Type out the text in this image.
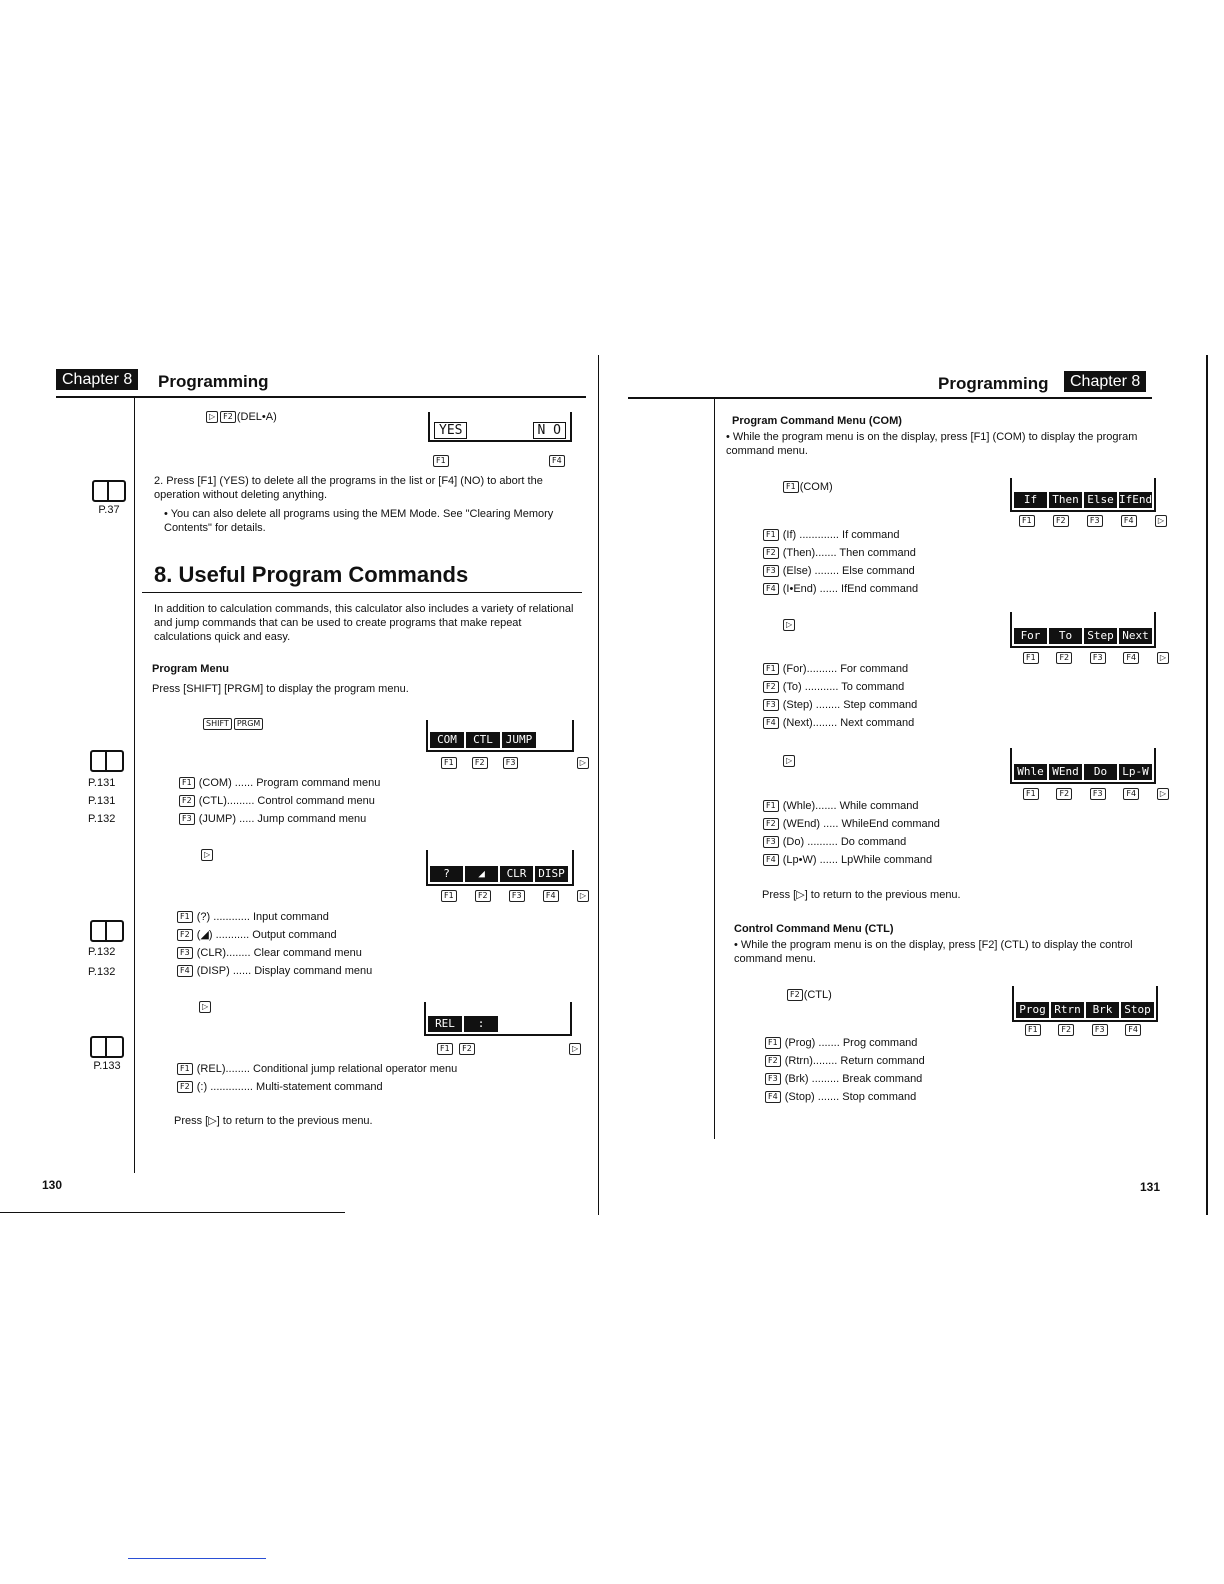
Chapter 8	Programming
▷ F2 (DEL•A)
YES	N O
F1	F4
2. Press [F1] (YES) to delete all the programs in the list or [F4] (NO) to abort the operation without deleting anything.
P.37	• You can also delete all programs using the MEM Mode. See "Clearing Memory Contents" for details.
8. Useful Program Commands
In addition to calculation commands, this calculator also includes a variety of relational and jump commands that can be used to create programs that make repeat calculations quick and easy.
Program Menu
Press [SHIFT] [PRGM] to display the program menu.
SHIFT PRGM
COM	CTL	JUMP
F1	F2	F3	▷
P.131
P.131
P.132
F1 (COM) ...... Program command menu
F2 (CTL)......... Control command menu
F3 (JUMP) ..... Jump command menu
▷
?	◢	CLR	DISP
F1	F2	F3	F4	▷
P.132
P.132
F1 (?) ............ Input command
F2 (◢) ........... Output command
F3 (CLR)........ Clear command menu
F4 (DISP) ...... Display command menu
▷
REL	:
F1 F2	▷
P.133	F1 (REL)........ Conditional jump relational operator menu
F2 (:) .............. Multi-statement command
Press [▷] to return to the previous menu.
130
Programming	Chapter 8
Program Command Menu (COM)
• While the program menu is on the display, press [F1] (COM) to display the program command menu.
F1 (COM)
If	Then Else IfEnd
F1	F2	F3	F4	▷
F1 (If) ............. If command
F2 (Then)....... Then command
F3 (Else) ........ Else command
F4 (I•End) ...... IfEnd command
▷
For	To	Step Next
F1	F2	F3	F4	▷
F1 (For).......... For command
F2 (To) ........... To command
F3 (Step) ........ Step command
F4 (Next)........ Next command
▷
Whle WEnd	Do	Lp-W
F1	F2	F3	F4	▷
F1 (Whle)....... While command
F2 (WEnd) ..... WhileEnd command
F3 (Do) .......... Do command
F4 (Lp•W) ...... LpWhile command
Press [▷] to return to the previous menu.
Control Command Menu (CTL)
• While the program menu is on the display, press [F2] (CTL) to display the control command menu.
F2 (CTL)
Prog Rtrn	Brk	Stop
F1	F2	F3	F4
F1 (Prog) ....... Prog command
F2 (Rtrn)........ Return command
F3 (Brk) ......... Break command
F4 (Stop) ....... Stop command
131
